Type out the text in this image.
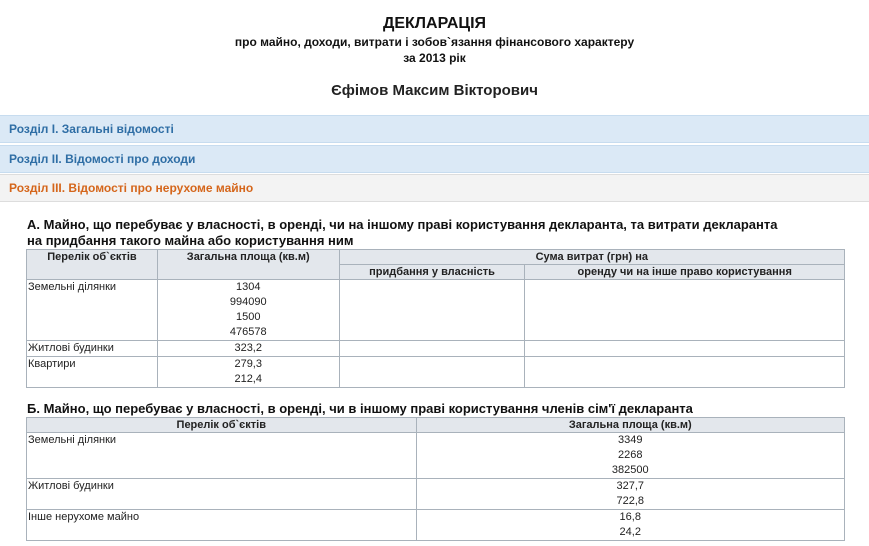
ДЕКЛАРАЦІЯ
про майно, доходи, витрати і зобов`язання фінансового характеру
за 2013 рік
Єфімов Максим Вікторович
Розділ І. Загальні відомості
Розділ ІІ. Відомості про доходи
Розділ ІІІ. Відомості про нерухоме майно
А. Майно, що перебуває у власності, в оренді, чи на іншому праві користування декларанта, та витрати декларанта
на придбання такого майна або користування ним
Перелік об`єктів	Загальна площа (кв.м)	Сума витрат (грн) на	
		придбання у власність	оренду чи на інше право користування
Земельні ділянки	1304
994090
1500
476578		

Житлові будинки	323,2		

Квартири	279,3
212,4		

Б. Майно, що перебуває у власності, в оренді, чи в іншому праві користування членів сім'ї декларанта
Перелік об`єктів	Загальна площа (кв.м)
Земельні ділянки	3349
2268
382500

Житлові будинки	327,7
722,8

Інше нерухоме майно	16,8
24,2
